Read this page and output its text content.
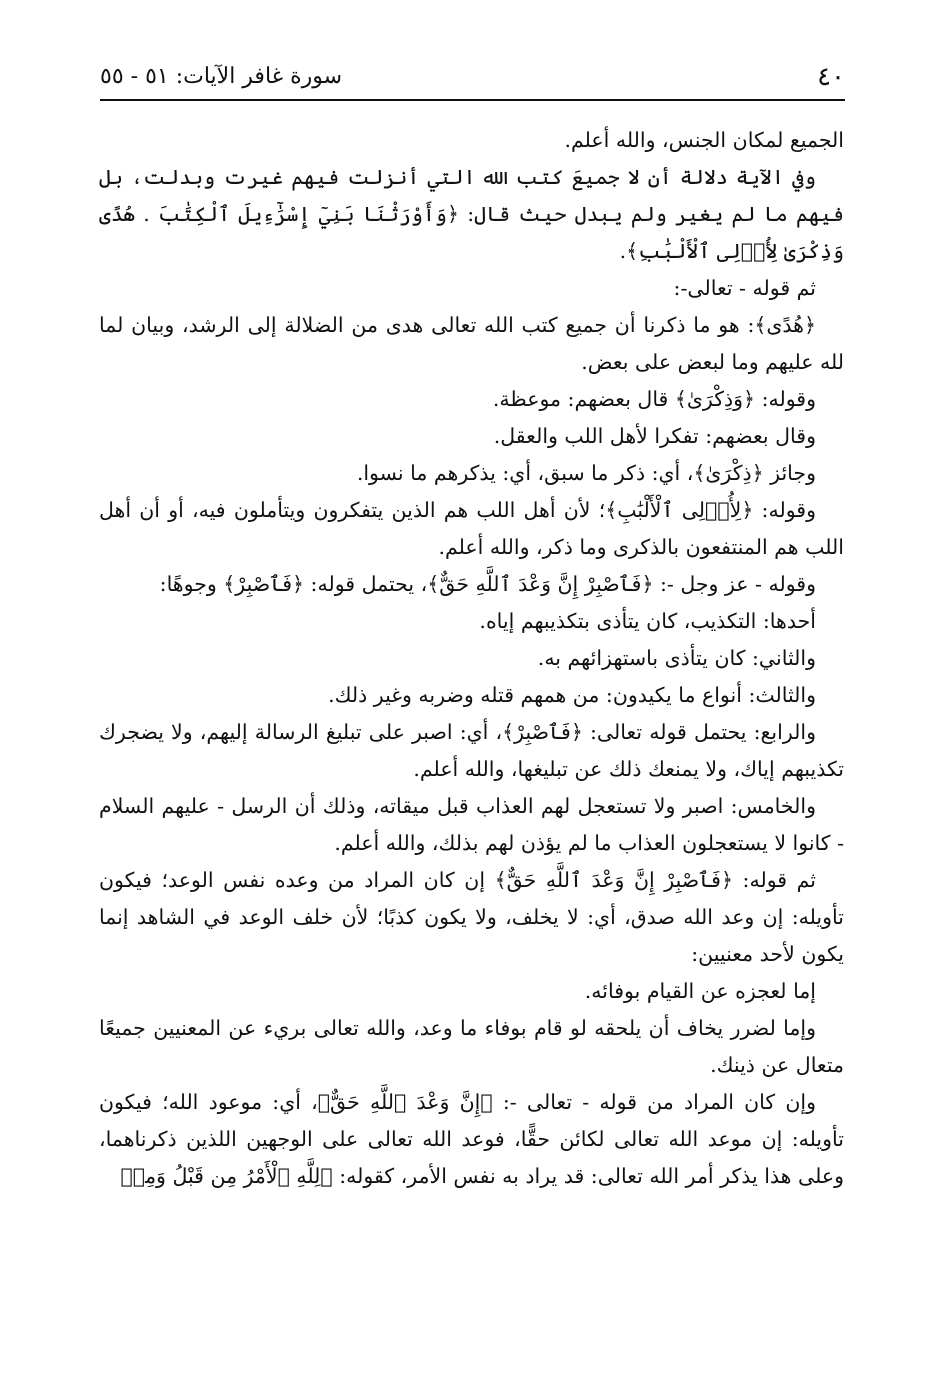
٤٠
سورة غافر الآيات: ٥١ - ٥٥

الجميع لمكان الجنس، والله أعلم.

وفي الآية دلالة أن لا جميعَ كتب الله التي أنزلت فيهم غيرت وبدلت، بل فيهم ما لم يغير ولم يبدل حيث قال: ﴿وَأَوْرَثْنَا بَنِيٓ إِسْرَٰٓءِيلَ ٱلْكِتَٰبَ . هُدًى وَذِكْرَىٰ لِأُو۟لِى ٱلْأَلْبَٰبِ﴾.

ثم قوله - تعالى-:

﴿هُدًى﴾: هو ما ذكرنا أن جميع كتب الله تعالى هدى من الضلالة إلى الرشد، وبيان لما لله عليهم وما لبعض على بعض.

وقوله: ﴿وَذِكْرَىٰ﴾ قال بعضهم: موعظة.

وقال بعضهم: تفكرا لأهل اللب والعقل.

وجائز ﴿ذِكْرَىٰ﴾، أي: ذكر ما سبق، أي: يذكرهم ما نسوا.

وقوله: ﴿لِأُو۟لِى ٱلْأَلْبَٰبِ﴾؛ لأن أهل اللب هم الذين يتفكرون ويتأملون فيه، أو أن أهل اللب هم المنتفعون بالذكرى وما ذكر، والله أعلم.

وقوله - عز وجل -: ﴿فَٱصْبِرْ إِنَّ وَعْدَ ٱللَّهِ حَقٌّ﴾، يحتمل قوله: ﴿فَٱصْبِرْ﴾ وجوهًا:

أحدها: التكذيب، كان يتأذى بتكذيبهم إياه.

والثاني: كان يتأذى باستهزائهم به.

والثالث: أنواع ما يكيدون: من همهم قتله وضربه وغير ذلك.

والرابع: يحتمل قوله تعالى: ﴿فَٱصْبِرْ﴾، أي: اصبر على تبليغ الرسالة إليهم، ولا يضجرك تكذيبهم إياك، ولا يمنعك ذلك عن تبليغها، والله أعلم.

والخامس: اصبر ولا تستعجل لهم العذاب قبل ميقاته، وذلك أن الرسل - عليهم السلام - كانوا لا يستعجلون العذاب ما لم يؤذن لهم بذلك، والله أعلم.

ثم قوله: ﴿فَٱصْبِرْ إِنَّ وَعْدَ ٱللَّهِ حَقٌّ﴾ إن كان المراد من وعده نفس الوعد؛ فيكون تأويله: إن وعد الله صدق، أي: لا يخلف، ولا يكون كذبًا؛ لأن خلف الوعد في الشاهد إنما يكون لأحد معنيين:

إما لعجزه عن القيام بوفائه.

وإما لضرر يخاف أن يلحقه لو قام بوفاء ما وعد، والله تعالى بريء عن المعنيين جميعًا متعال عن ذينك.

وإن كان المراد من قوله - تعالى -: ﴿إِنَّ وَعْدَ ٱللَّهِ حَقٌّ﴾، أي: موعود الله؛ فيكون تأويله: إن موعد الله تعالى لكائن حقًّا، فوعد الله تعالى على الوجهين اللذين ذكرناهما، وعلى هذا يذكر أمر الله تعالى: قد يراد به نفس الأمر، كقوله: ﴿لِلَّهِ ٱلْأَمْرُ مِن قَبْلُ وَمِنۢ
